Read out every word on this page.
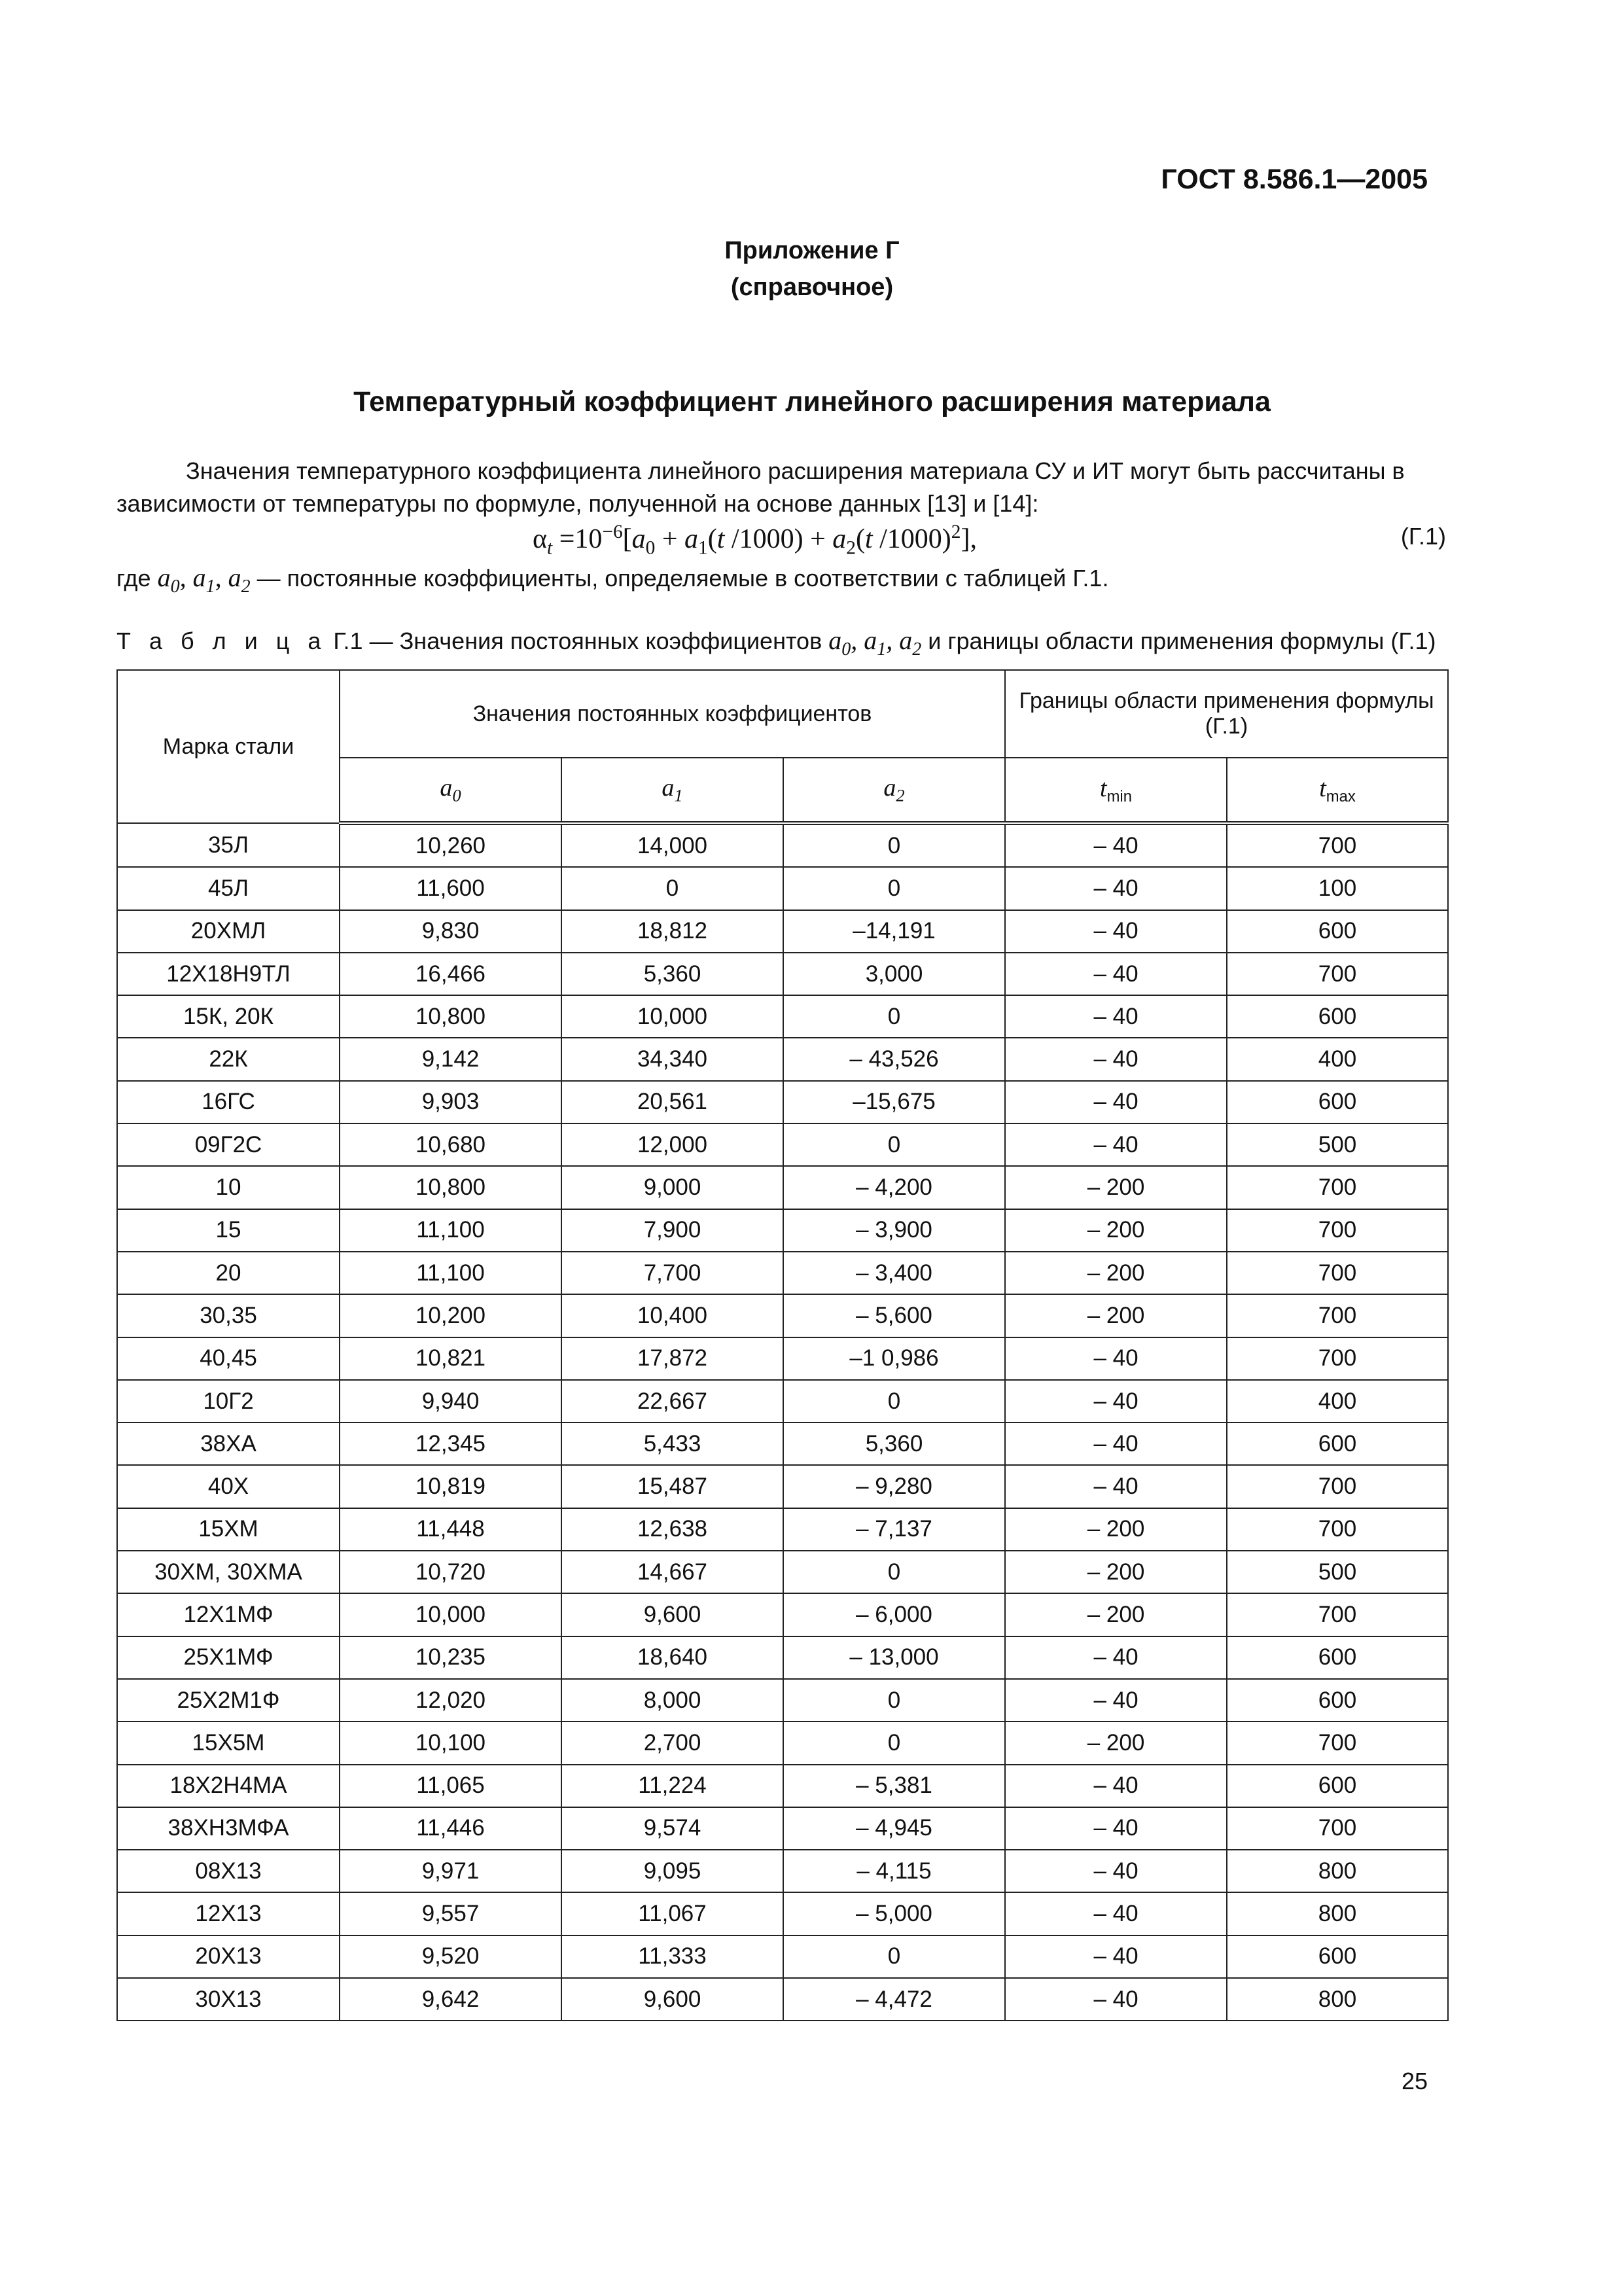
ГОСТ 8.586.1—2005
Приложение Г
(справочное)
Температурный коэффициент линейного расширения материала
Значения температурного коэффициента линейного расширения материала СУ и ИТ могут быть рассчитаны в зависимости от температуры по формуле, полученной на основе данных [13] и [14]:
$\alpha_t =10^{-6}[a_0 + a_1(t$ $/1000) + a_2(t$ /1000)$^2$],	(Г.1)
где $a_0$, $a_1$, $a_2$ — постоянные коэффициенты, определяемые в соответствии с таблицей Г.1.
Т а б л и ц а Г.1 — Значения постоянных коэффициентов $a_0$, $a_1$, $a_2$ и границы области применения формулы (Г.1)
Марка стали	Значения постоянных коэффициентов			Границы области применения формулы (Г.1)	
	$a_0$	$a_1$	$a_2$	$t_{min}$	$t_{max}$
35Л	10,260	14,000	0	– 40	700
45Л	11,600	0	0	– 40	100
20ХМЛ	9,830	18,812	–14,191	– 40	600
12Х18Н9ТЛ	16,466	5,360	3,000	– 40	700
15К, 20К	10,800	10,000	0	– 40	600
22К	9,142	34,340	– 43,526	– 40	400
16ГС	9,903	20,561	–15,675	– 40	600
09Г2С	10,680	12,000	0	– 40	500
10	10,800	9,000	– 4,200	– 200	700
15	11,100	7,900	– 3,900	– 200	700
20	11,100	7,700	– 3,400	– 200	700
30,35	10,200	10,400	– 5,600	– 200	700
40,45	10,821	17,872	–1 0,986	– 40	700
10Г2	9,940	22,667	0	– 40	400
38ХА	12,345	5,433	5,360	– 40	600
40Х	10,819	15,487	– 9,280	– 40	700
15ХМ	11,448	12,638	– 7,137	– 200	700
30ХМ, 30ХМА	10,720	14,667	0	– 200	500
12Х1МФ	10,000	9,600	– 6,000	– 200	700
25Х1МФ	10,235	18,640	– 13,000	– 40	600
25Х2М1Ф	12,020	8,000	0	– 40	600
15Х5М	10,100	2,700	0	– 200	700
18Х2Н4МА	11,065	11,224	– 5,381	– 40	600
38ХН3МФА	11,446	9,574	– 4,945	– 40	700
08Х13	9,971	9,095	– 4,115	– 40	800
12Х13	9,557	11,067	– 5,000	– 40	800
20Х13	9,520	11,333	0	– 40	600
30Х13	9,642	9,600	– 4,472	– 40	800
25
